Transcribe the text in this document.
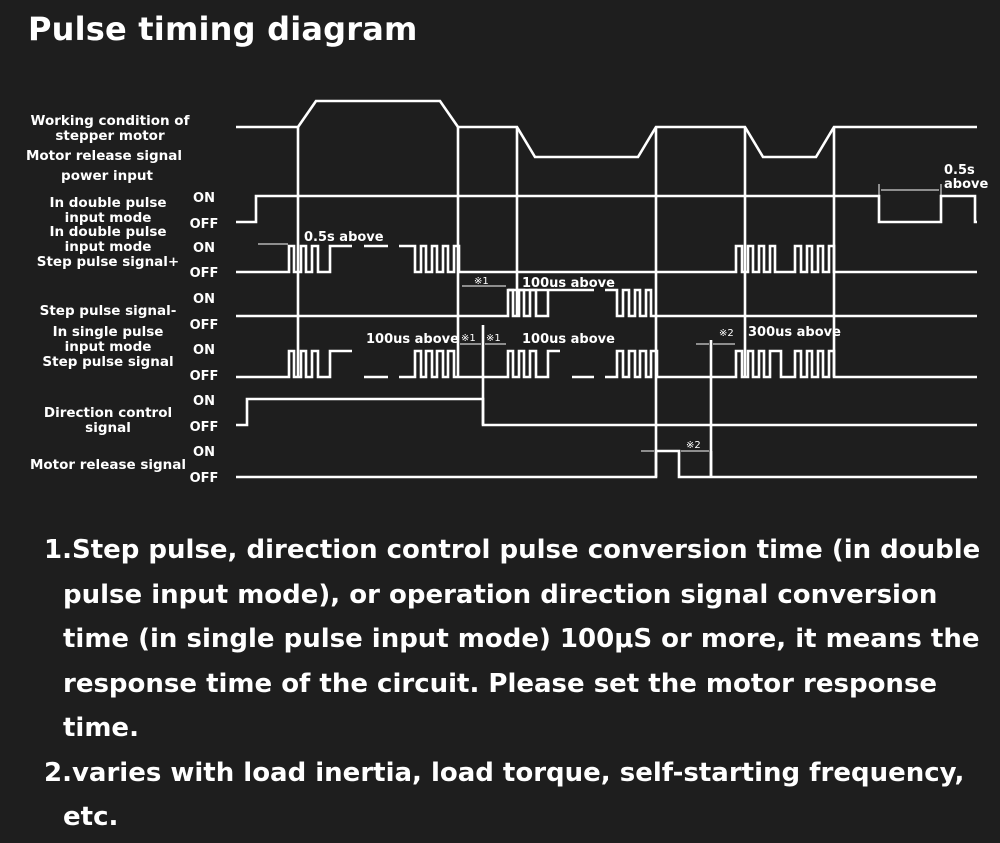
Pulse timing diagram
Working condition of
stepper motor
Motor release signal
power input
In double pulse
input mode
In double pulse
input mode
Step pulse signal+
Step pulse signal-
In single pulse
input mode
Step pulse signal
Direction control
signal
Motor release signal
ON
OFF
ON
OFF
ON
OFF
ON
OFF
ON
OFF
ON
OFF
0.5s above
0.5s
above
100us above
100us above	100us above	300us above
※1
※1 ※1	※2
※2
1.Step pulse, direction control pulse conversion time (in double pulse input mode), or operation direction signal conversion time (in single pulse input mode) 100μS or more, it means the response time of the circuit. Please set the motor response time.
2.varies with load inertia, load torque, self-starting frequency, etc.
